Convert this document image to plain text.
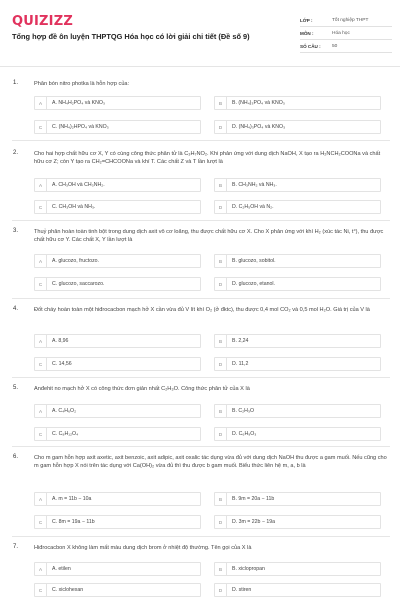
QUIZIZZ
Tổng hợp đề ôn luyện THPTQG Hóa học có lời giải chi tiết (Đề số 9)
LỚP :	Tốt nghiệp THPT
MÔN :	Hóa học
SỐ CÂU :	50
1.	Phân bón nitro photka là hỗn hợp của:
A	A. NH₄H₂PO₄ và KNO₃	B	B. (NH₄)₃PO₄ và KNO₃
C	C. (NH₄)₂HPO₄ và KNO₃	D	D. (NH₄)₃PO₄ và KNO₃
2.	Cho hai hợp chất hữu cơ X, Y có cùng công thức phân tử là C₃H₇NO₂. Khi phản ứng với dung dịch NaOH, X tạo ra H₂NCH₂COONa và chất hữu cơ Z; còn Y tạo ra CH₂=CHCOONa và khí T. Các chất Z và T lần lượt là
A	A. CH₃OH và CH₃NH₂.	B	B. CH₃NH₂ và NH₃.
C	C. CH₃OH và NH₃.	D	D. C₂H₅OH và N₂.
3.	Thuỷ phân hoàn toàn tinh bột trong dung dịch axit vô cơ loãng, thu được chất hữu cơ X. Cho X phản ứng với khí H₂ (xúc tác Ni, t°), thu được chất hữu cơ Y. Các chất X, Y lần lượt là
A	A. glucozo, fructozo.	B	B. glucozo, sobitol.
C	C. glucozo, saccarozo.	D	D. glucozo, etanol.
4.	Đốt cháy hoàn toàn một hiđrocacbon mạch hở X cần vừa đủ V lít khí O₂ (ở đktc), thu được 0,4 mol CO₂ và 0,5 mol H₂O. Giá trị của V là
A	A. 8,96	B	B. 2,24
C	C. 14,56	D	D. 11,2
5.	Anđehit no mạch hở X có công thức đơn giản nhất C₂H₃O. Công thức phân tử của X là
A	A. C₄H₆O₂	B	B. C₂H₃O
C	C. C₈H₁₂O₄	D	D. C₆H₉O₃
6.	Cho m gam hỗn hợp axit axetic, axit benzoic, axit adipic, axit oxalic tác dụng vừa đủ với dung dịch NaOH thu được a gam muối. Nếu cũng cho m gam hỗn hợp X nói trên tác dụng với Ca(OH)₂ vừa đủ thì thu được b gam muối. Biểu thức liên hệ m, a, b là
A	A. m = 11b − 10a	B	B. 9m = 20a − 11b
C	C. 8m = 19a − 11b	D	D. 3m = 22b − 19a
7.	Hiđrocacbon X không làm mất màu dung dịch brom ở nhiệt độ thường. Tên gọi của X là
A	A. etilen	B	B. xiclopropan
C	C. xiclohexan	D	D. stiren
